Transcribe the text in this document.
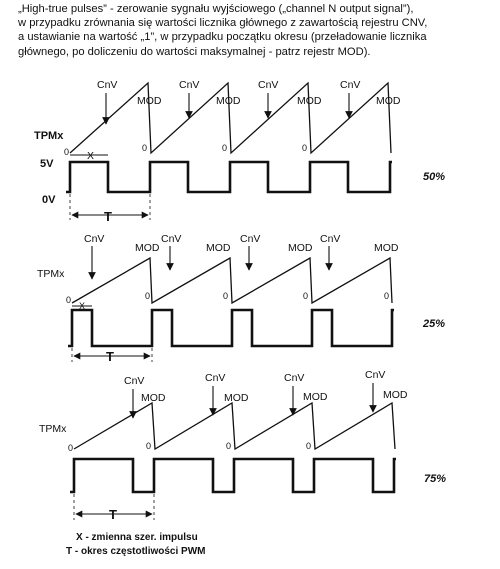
„High-true pulses” - zerowanie sygnału wyjściowego („channel N output signal”),
w przypadku zrównania się wartości licznika głównego z zawartością rejestru CNV,
a ustawianie na wartość „1”, w przypadku początku okresu (przeładowanie licznika
głównego, po doliczeniu do wartości maksymalnej - patrz rejestr MOD).
CnV	CnV	CnV	CnV
MOD	MOD	MOD	MOD
TPMx
0	0	0	0
5V
0V
X
T
50%
CnV	CnV	CnV	CnV
MOD	MOD	MOD	MOD
TPMx
0	0	0	0	0
X
T
25%
CnV	CnV	CnV	CnV
MOD	MOD	MOD	MOD
TPMx
0	0	0	0
T
75%
X - zmienna szer. impulsu
T - okres częstotliwości PWM
